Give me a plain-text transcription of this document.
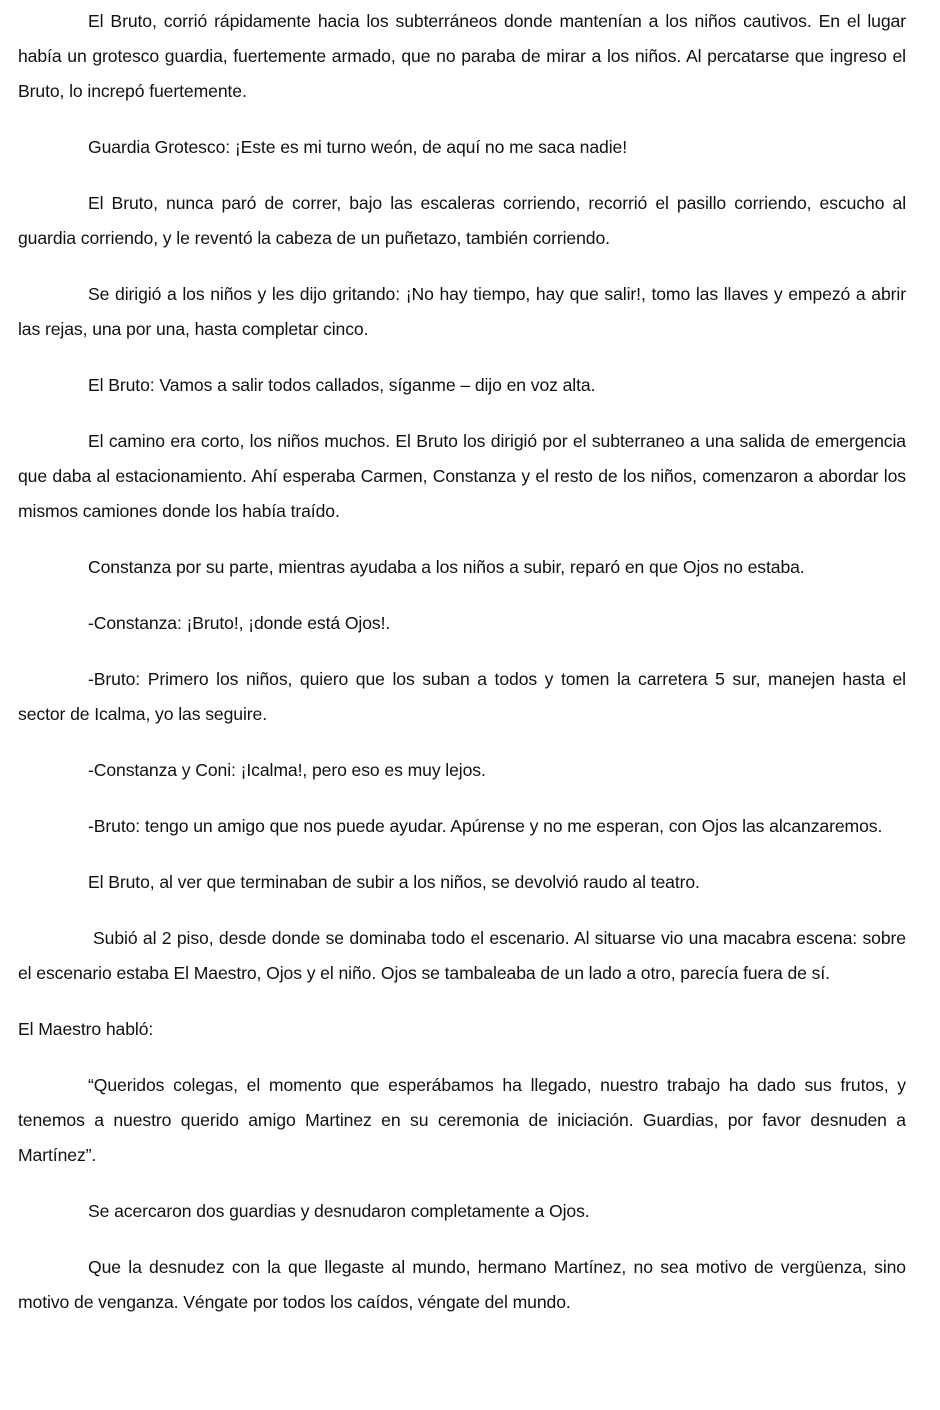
El Bruto, corrió rápidamente hacia los subterráneos donde mantenían a los niños cautivos. En el lugar había un grotesco guardia, fuertemente armado, que no paraba de mirar a los niños. Al percatarse que ingreso el Bruto, lo increpó fuertemente.

Guardia Grotesco: ¡Este es mi turno weón, de aquí no me saca nadie!

El Bruto, nunca paró de correr, bajo las escaleras corriendo, recorrió el pasillo corriendo, escucho al guardia corriendo, y le reventó la cabeza de un puñetazo, también corriendo.

Se dirigió a los niños y les dijo gritando: ¡No hay tiempo, hay que salir!, tomo las llaves y empezó a abrir las rejas, una por una, hasta completar cinco.

El Bruto: Vamos a salir todos callados, síganme – dijo en voz alta.

El camino era corto, los niños muchos. El Bruto los dirigió por el subterraneo a una salida de emergencia que daba al estacionamiento. Ahí esperaba Carmen, Constanza y el resto de los niños, comenzaron a abordar los mismos camiones donde los había traído.

Constanza por su parte, mientras ayudaba a los niños a subir, reparó en que Ojos no estaba.

-Constanza: ¡Bruto!, ¡donde está Ojos!.

-Bruto: Primero los niños, quiero que los suban a todos y tomen la carretera 5 sur, manejen hasta el sector de Icalma, yo las seguire.

-Constanza y Coni: ¡Icalma!, pero eso es muy lejos.

-Bruto: tengo un amigo que nos puede ayudar. Apúrense y no me esperan, con Ojos las alcanzaremos.

El Bruto, al ver que terminaban de subir a los niños, se devolvió raudo al teatro.

Subió al 2 piso, desde donde se dominaba todo el escenario. Al situarse vio una macabra escena: sobre el escenario estaba El Maestro, Ojos y el niño. Ojos se tambaleaba de un lado a otro, parecía fuera de sí.

El Maestro habló:

“Queridos colegas, el momento que esperábamos ha llegado, nuestro trabajo ha dado sus frutos, y tenemos a nuestro querido amigo Martinez en su ceremonia de iniciación. Guardias, por favor desnuden a Martínez”.

Se acercaron dos guardias y desnudaron completamente a Ojos.

Que la desnudez con la que llegaste al mundo, hermano Martínez, no sea motivo de vergüenza, sino motivo de venganza. Véngate por todos los caídos, véngate del mundo.
